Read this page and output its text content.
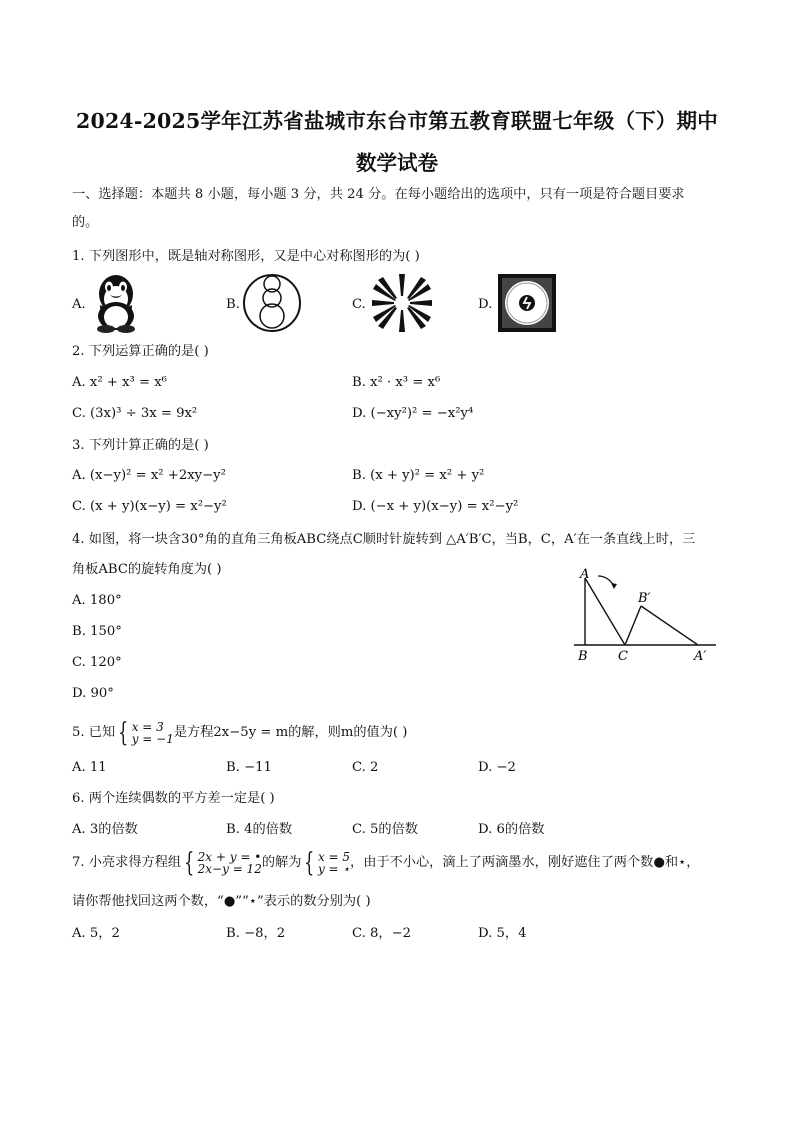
2024-2025学年江苏省盐城市东台市第五教育联盟七年级（下）期中
数学试卷
一、选择题：本题共 8 小题，每小题 3 分，共 24 分。在每小题给出的选项中，只有一项是符合题目要求
的。
1. 下列图形中，既是轴对称图形，又是中心对称图形的为( )
A.	B.	C.	D.
2. 下列运算正确的是( )
A. x² + x³ = x⁶	B. x² · x³ = x⁶
C. (3x)³ ÷ 3x = 9x²	D. (−xy²)² = −x²y⁴
3. 下列计算正确的是( )
A. (x−y)² = x² +2xy−y²	B. (x + y)² = x² + y²
C. (x + y)(x−y) = x²−y²	D. (−x + y)(x−y) = x²−y²
4. 如图，将一块含30°角的直角三角板ABC绕点C顺时针旋转到 △A′B′C，当B，C，A′在一条直线上时，三
角板ABC的旋转角度为( )
A. 180°
B. 150°
C. 120°
D. 90°
A
B C
B′
A′
5. 已知 { x = 3
y = −1 是方程2x−5y = m的解，则m的值为( )
A. 11	B. −11	C. 2	D. −2
6. 两个连续偶数的平方差一定是( )
A. 3的倍数	B. 4的倍数	C. 5的倍数	D. 6的倍数
7. 小亮求得方程组 { 2x + y = •
2x−y = 12 的解为 { x = 5
y = ⋆ ，由于不小心，滴上了两滴墨水，刚好遮住了两个数●和⋆，
请你帮他找回这两个数，“●”“⋆”表示的数分别为( )
A. 5，2	B. −8，2	C. 8，−2	D. 5，4
